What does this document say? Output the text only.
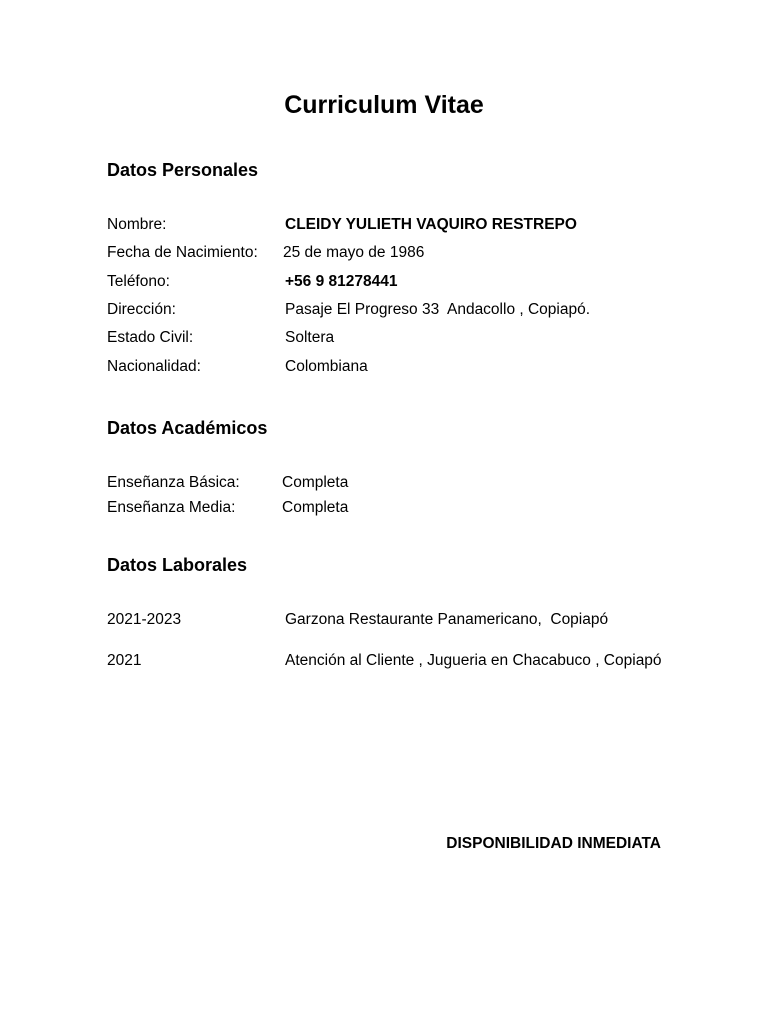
Curriculum Vitae
Datos Personales
Nombre:	CLEIDY YULIETH VAQUIRO RESTREPO
Fecha de Nacimiento: 25 de mayo de 1986
Teléfono:	+56 9 81278441
Dirección:	Pasaje El Progreso 33  Andacollo , Copiapó.
Estado Civil:	Soltera
Nacionalidad:	Colombiana
Datos Académicos
Enseñanza Básica:	Completa
Enseñanza Media:	Completa
Datos Laborales
2021-2023	Garzona Restaurante Panamericano,  Copiapó
2021	Atención al Cliente , Jugueria en Chacabuco , Copiapó
DISPONIBILIDAD INMEDIATA
